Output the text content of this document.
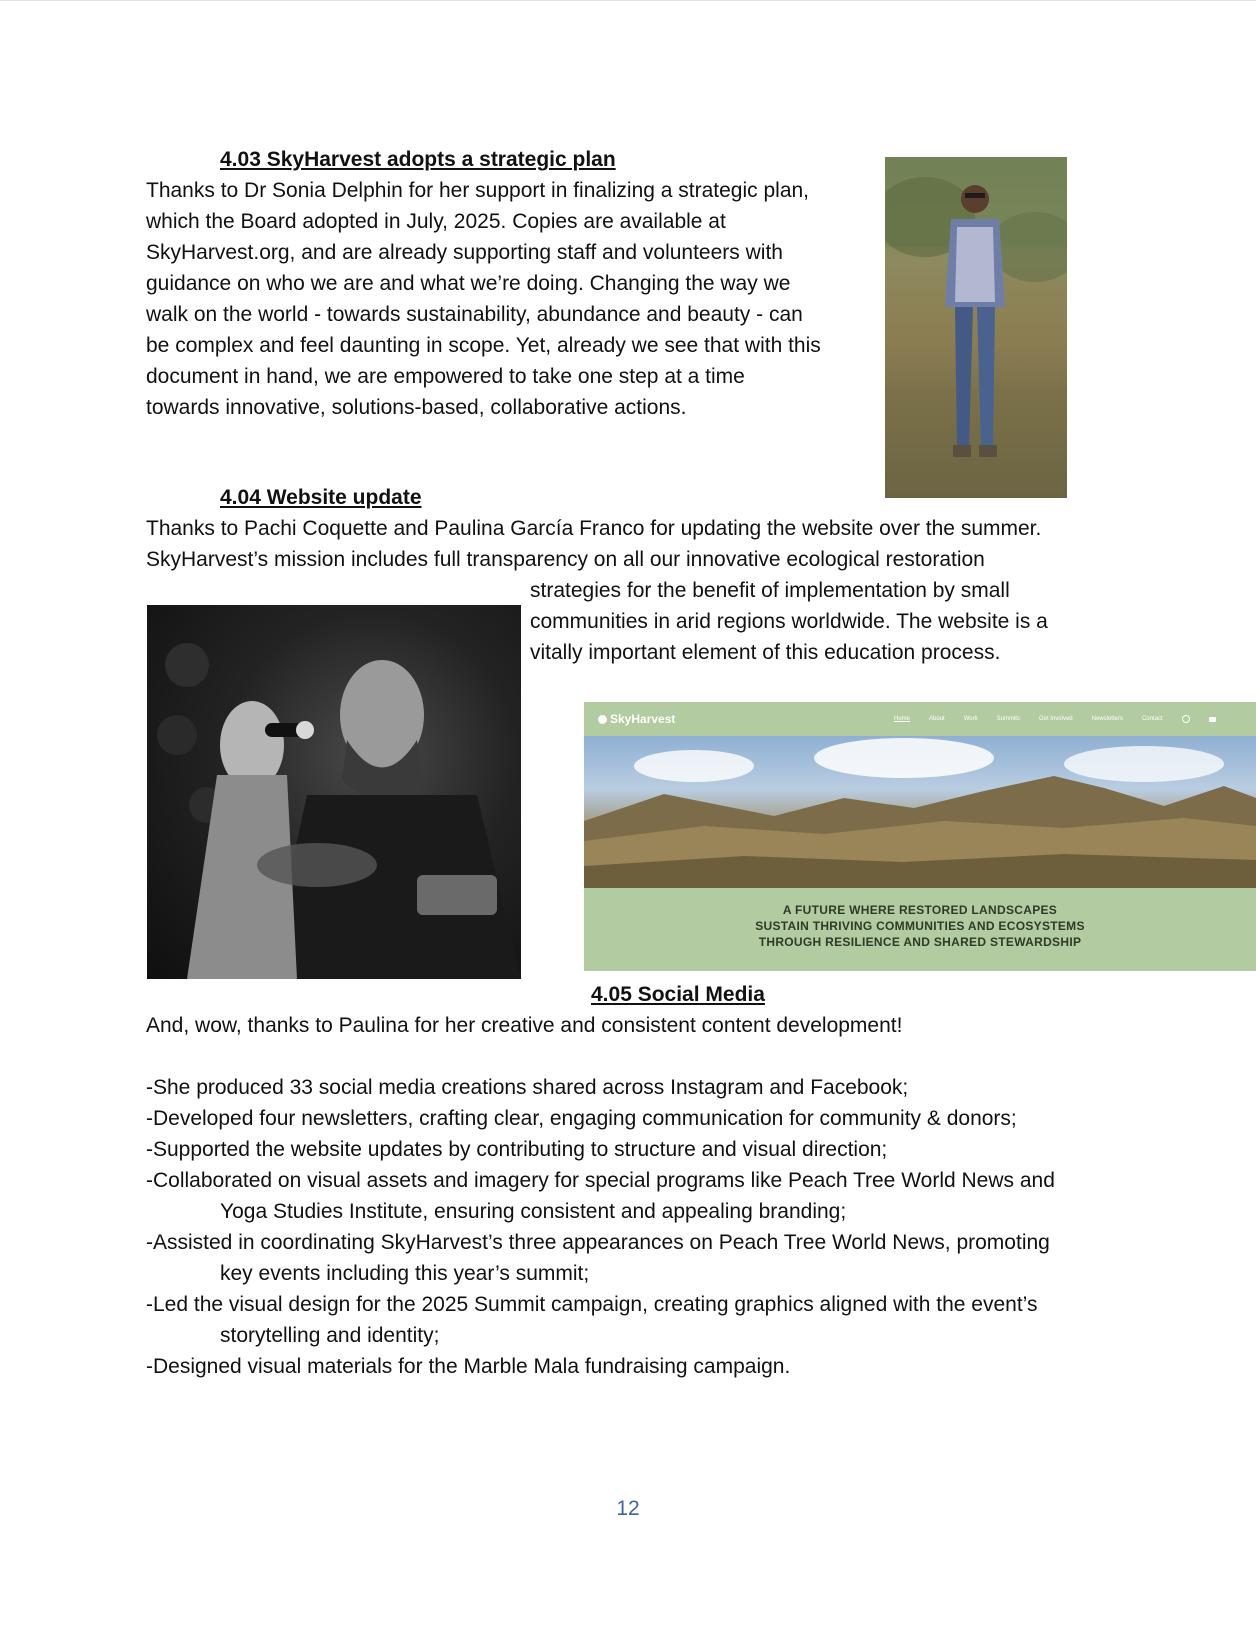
4.03 SkyHarvest adopts a strategic plan
Thanks to Dr Sonia Delphin for her support in finalizing a strategic plan,
which the Board adopted in July, 2025. Copies are available at
SkyHarvest.org, and are already supporting staff and volunteers with
guidance on who we are and what we’re doing. Changing the way we
walk on the world - towards sustainability, abundance and beauty - can
be complex and feel daunting in scope. Yet, already we see that with this
document in hand, we are empowered to take one step at a time
towards innovative, solutions-based, collaborative actions.
4.04 Website update
Thanks to Pachi Coquette and Paulina García Franco for updating the website over the summer.
SkyHarvest’s mission includes full transparency on all our innovative ecological restoration
strategies for the benefit of implementation by small
communities in arid regions worldwide. The website is a
vitally important element of this education process.
SkyHarvest	Home	About	Work	Summits	Get Involved	Newsletters	Contact
A FUTURE WHERE RESTORED LANDSCAPES
SUSTAIN THRIVING COMMUNITIES AND ECOSYSTEMS
THROUGH RESILIENCE AND SHARED STEWARDSHIP
4.05 Social Media
And, wow, thanks to Paulina for her creative and consistent content development!

-She produced 33 social media creations shared across Instagram and Facebook;
-Developed four newsletters, crafting clear, engaging communication for community & donors;
-Supported the website updates by contributing to structure and visual direction;
-Collaborated on visual assets and imagery for special programs like Peach Tree World News and
Yoga Studies Institute, ensuring consistent and appealing branding;
-Assisted in coordinating SkyHarvest’s three appearances on Peach Tree World News, promoting
key events including this year’s summit;
-Led the visual design for the 2025 Summit campaign, creating graphics aligned with the event’s
storytelling and identity;
-Designed visual materials for the Marble Mala fundraising campaign.
12
